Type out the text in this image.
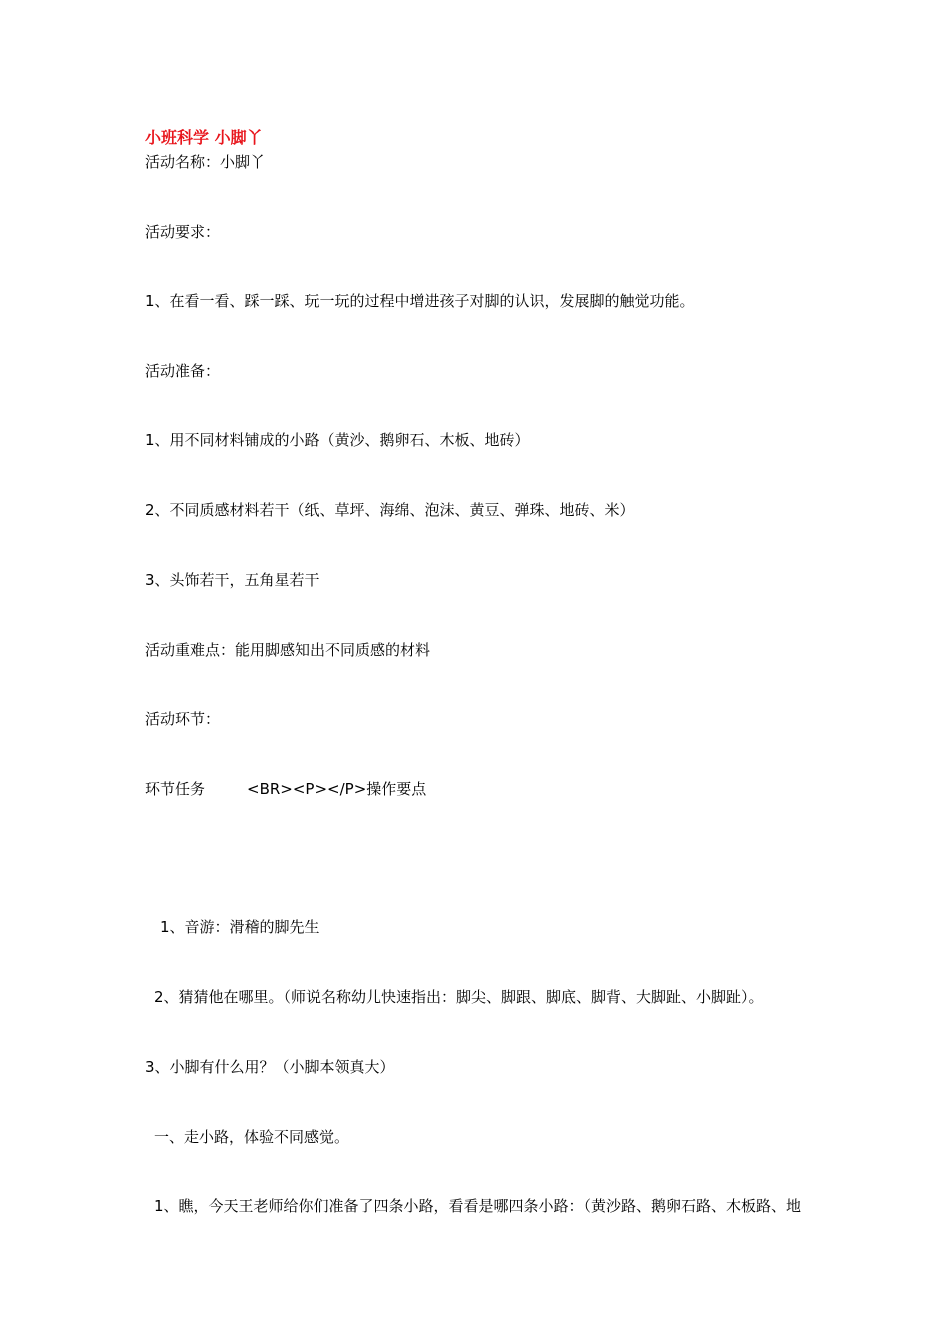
小班科学 小脚丫
活动名称：小脚丫
活动要求：
1、在看一看、踩一踩、玩一玩的过程中增进孩子对脚的认识，发展脚的触觉功能。
活动准备：
1、用不同材料铺成的小路（黄沙、鹅卵石、木板、地砖）
2、不同质感材料若干（纸、草坪、海绵、泡沫、黄豆、弹珠、地砖、米）
3、头饰若干，五角星若干
活动重难点：能用脚感知出不同质感的材料
活动环节：
环节任务	<BR><P></P>操作要点
1、音游：滑稽的脚先生
2、猜猜他在哪里。（师说名称幼儿快速指出：脚尖、脚跟、脚底、脚背、大脚趾、小脚趾）。
3、小脚有什么用？（小脚本领真大）
一、走小路，体验不同感觉。
1、瞧，今天王老师给你们准备了四条小路，看看是哪四条小路：（黄沙路、鹅卵石路、木板路、地
